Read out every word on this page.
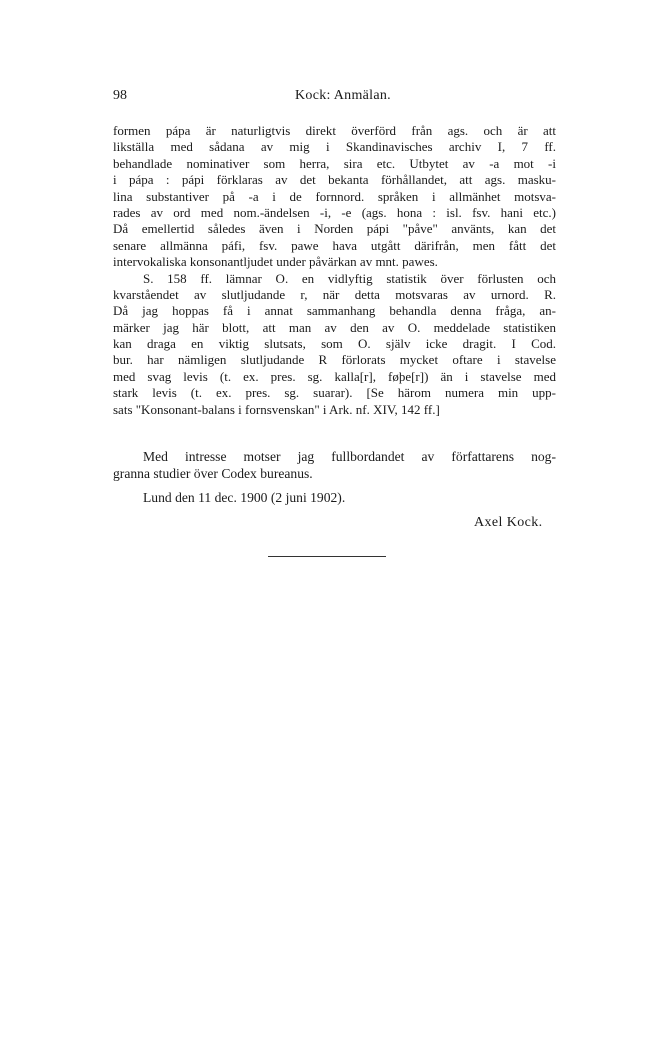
98	Kock: Anmälan.
formen pápa är naturligtvis direkt överförd från ags. och är att
likställa med sådana av mig i Skandinavisches archiv I, 7 ff.
behandlade nominativer som herra, sira etc. Utbytet av -a mot -i
i pápa : pápi förklaras av det bekanta förhållandet, att ags. masku-
lina substantiver på -a i de fornnord. språken i allmänhet motsva-
rades av ord med nom.-ändelsen -i, -e (ags. hona : isl. fsv. hani etc.)
Då emellertid således även i Norden pápi "påve" använts, kan det
senare allmänna páfi, fsv. pawe hava utgått därifrån, men fått det
intervokaliska konsonantljudet under påvärkan av mnt. pawes.
S. 158 ff. lämnar O. en vidlyftig statistik över förlusten och
kvarståendet av slutljudande r, när detta motsvaras av urnord. R.
Då jag hoppas få i annat sammanhang behandla denna fråga, an-
märker jag här blott, att man av den av O. meddelade statistiken
kan draga en viktig slutsats, som O. själv icke dragit. I Cod.
bur. har nämligen slutljudande R förlorats mycket oftare i stavelse
med svag levis (t. ex. pres. sg. kalla[r], føþe[r]) än i stavelse med
stark levis (t. ex. pres. sg. suarar). [Se härom numera min upp-
sats "Konsonant-balans i fornsvenskan" i Ark. nf. XIV, 142 ff.]
Med intresse motser jag fullbordandet av författarens nog-
granna studier över Codex bureanus.
Lund den 11 dec. 1900 (2 juni 1902).
Axel Kock.
